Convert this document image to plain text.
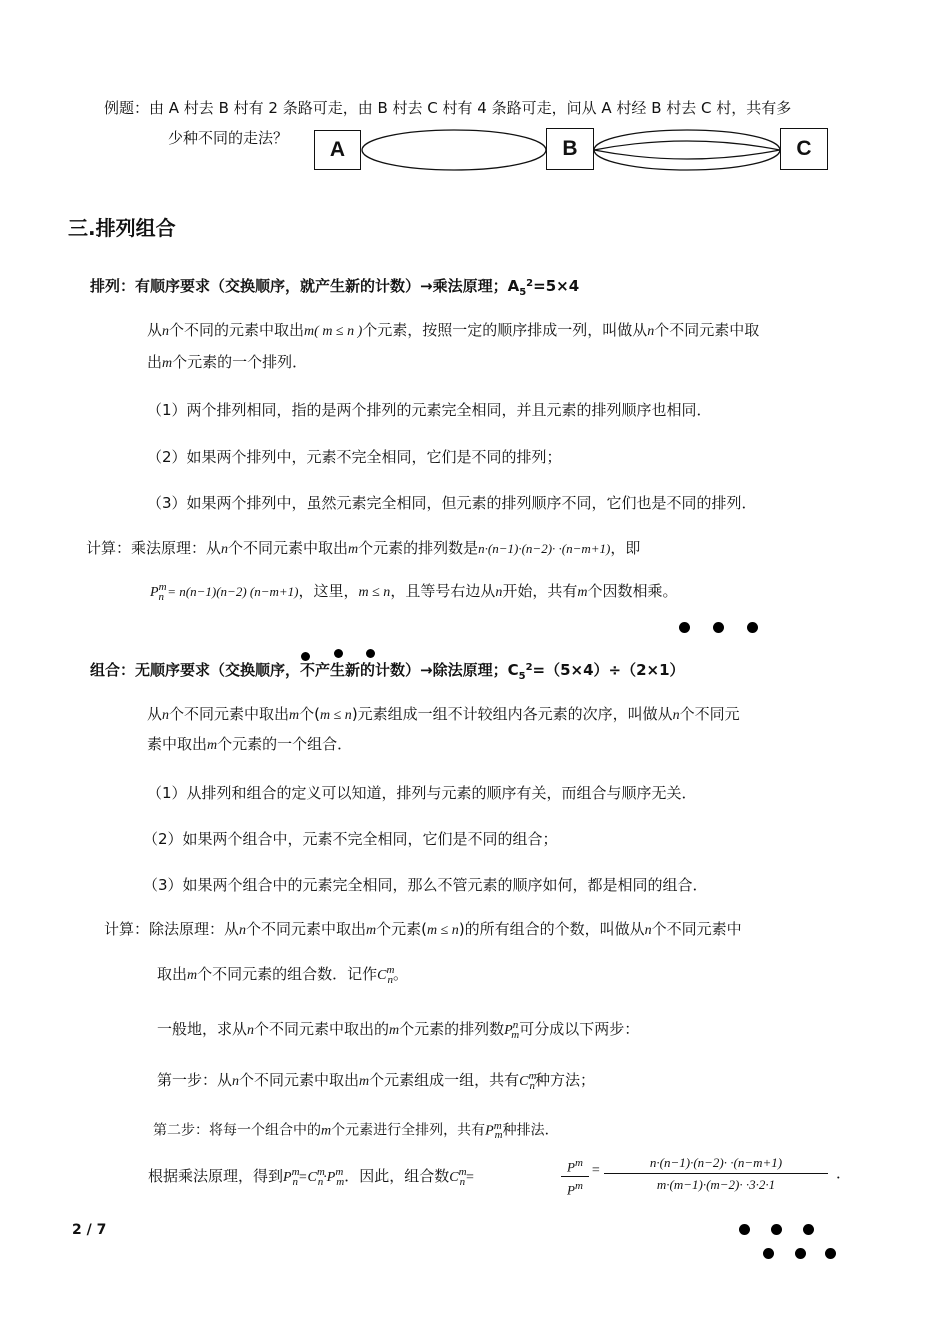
例题：由 A 村去 B 村有 2 条路可走，由 B 村去 C 村有 4 条路可走，问从 A 村经 B 村去 C 村，共有多
少种不同的走法？	A	B	C
三.排列组合
排列：有顺序要求（交换顺序，就产生新的计数）→乘法原理；$A_5^2=5\times 4$
从n个不同的元素中取出m( m ≤ n )个元素，按照一定的顺序排成一列，叫做从n个不同元素中取
出m个元素的一个排列．
（1）两个排列相同，指的是两个排列的元素完全相同，并且元素的排列顺序也相同．
（2）如果两个排列中，元素不完全相同，它们是不同的排列；
（3）如果两个排列中，虽然元素完全相同，但元素的排列顺序不同，它们也是不同的排列．
计算：乘法原理：从n个不同元素中取出m个元素的排列数是n·(n−1)·(n−2)· ·(n−m+1)，即
$P^m_n = n(n-1)(n-2)$ (n−m+1)，这里，m ≤ n，且等号右边从n开始，共有m个因数相乘。
组合：无顺序要求（交换顺序，不产生新的计数）→除法原理；$C_5^2=(5\times 4)\div(2\times 1)$
从n个不同元素中取出m个(m ≤ n)元素组成一组不计较组内各元素的次序，叫做从n个不同元
素中取出m个元素的一个组合．
（1）从排列和组合的定义可以知道，排列与元素的顺序有关，而组合与顺序无关．
（2）如果两个组合中，元素不完全相同，它们是不同的组合；
（3）如果两个组合中的元素完全相同，那么不管元素的顺序如何，都是相同的组合．
计算：除法原理：从n个不同元素中取出m个元素(m ≤ n)的所有组合的个数，叫做从n个不同元素中
取出m个不同元素的组合数．记作$C^m_n$。
一般地，求从n个不同元素中取出的m个元素的排列数$P^n_m$可分成以下两步：
第一步：从n个不同元素中取出m个元素组成一组，共有$C^m_n$种方法；
第二步：将每一个组合中的m个元素进行全排列，共有$P^m_m$种排法．
根据乘法原理，得到$P^m_n=C^m_n\cdot P^m_m$．因此，组合数$C^m_n=$
$P^m$
$P^m$
=
n·(n−1)·(n−2)· ·(n−m+1)
m·(m−1)·(m−2)· ·3·2·1
．
2 / 7
